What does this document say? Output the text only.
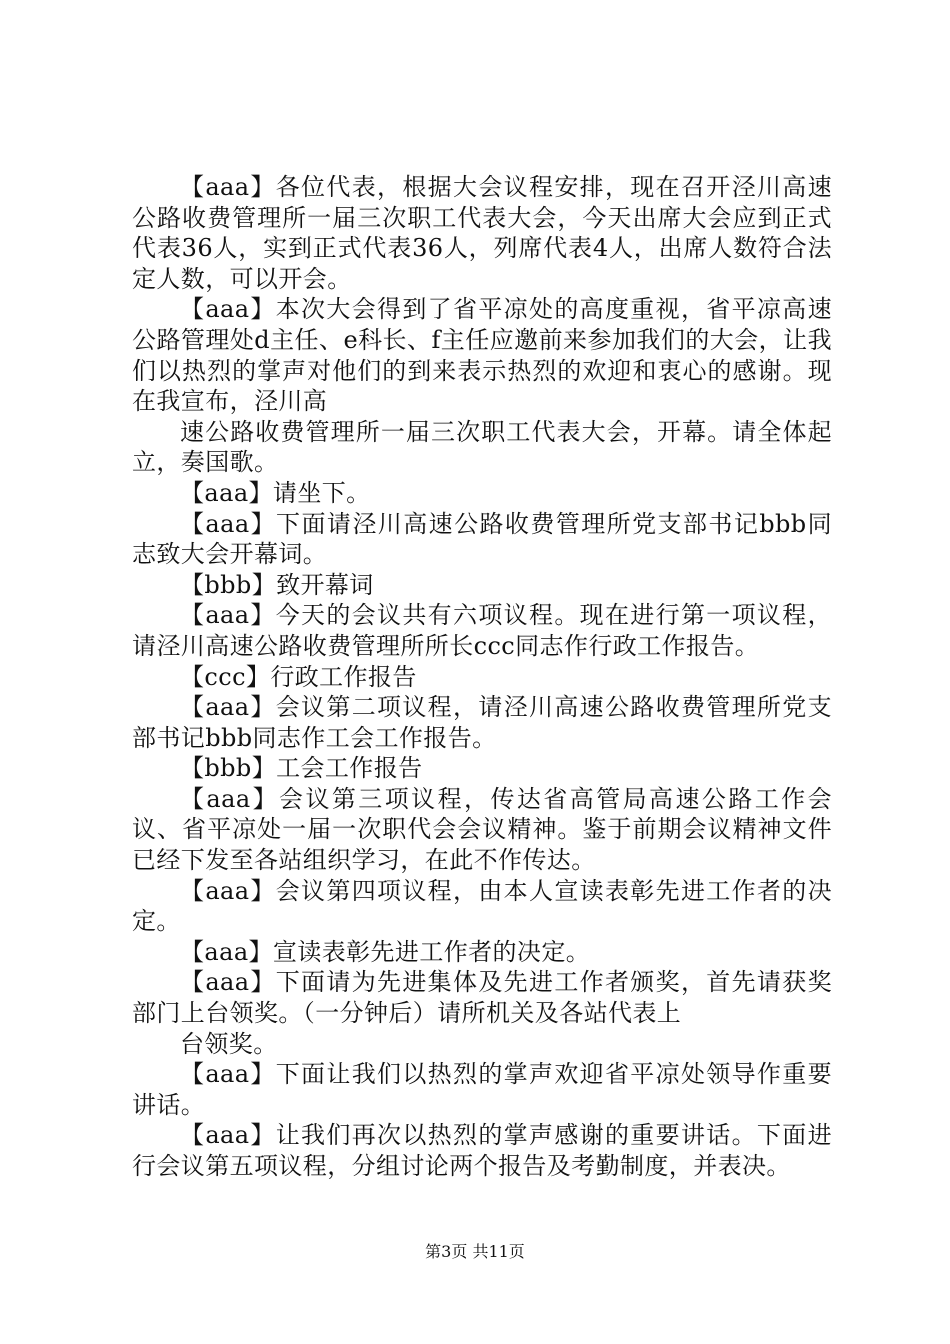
【aaa】各位代表，根据大会议程安排，现在召开泾川高速公路收费管理所一届三次职工代表大会，今天出席大会应到正式代表36人，实到正式代表36人，列席代表4人，出席人数符合法定人数，可以开会。

【aaa】本次大会得到了省平凉处的高度重视，省平凉高速公路管理处d主任、e科长、f主任应邀前来参加我们的大会，让我们以热烈的掌声对他们的到来表示热烈的欢迎和衷心的感谢。现在我宣布，泾川高

速公路收费管理所一届三次职工代表大会，开幕。请全体起立，奏国歌。

【aaa】请坐下。

【aaa】下面请泾川高速公路收费管理所党支部书记bbb同志致大会开幕词。

【bbb】致开幕词

【aaa】今天的会议共有六项议程。现在进行第一项议程，请泾川高速公路收费管理所所长ccc同志作行政工作报告。

【ccc】行政工作报告

【aaa】会议第二项议程，请泾川高速公路收费管理所党支部书记bbb同志作工会工作报告。

【bbb】工会工作报告

【aaa】会议第三项议程，传达省高管局高速公路工作会议、省平凉处一届一次职代会会议精神。鉴于前期会议精神文件已经下发至各站组织学习，在此不作传达。

【aaa】会议第四项议程，由本人宣读表彰先进工作者的决定。

【aaa】宣读表彰先进工作者的决定。

【aaa】下面请为先进集体及先进工作者颁奖，首先请获奖部门上台领奖。（一分钟后）请所机关及各站代表上

台领奖。

【aaa】下面让我们以热烈的掌声欢迎省平凉处领导作重要讲话。

【aaa】让我们再次以热烈的掌声感谢的重要讲话。下面进行会议第五项议程，分组讨论两个报告及考勤制度，并表决。

第3页 共11页
